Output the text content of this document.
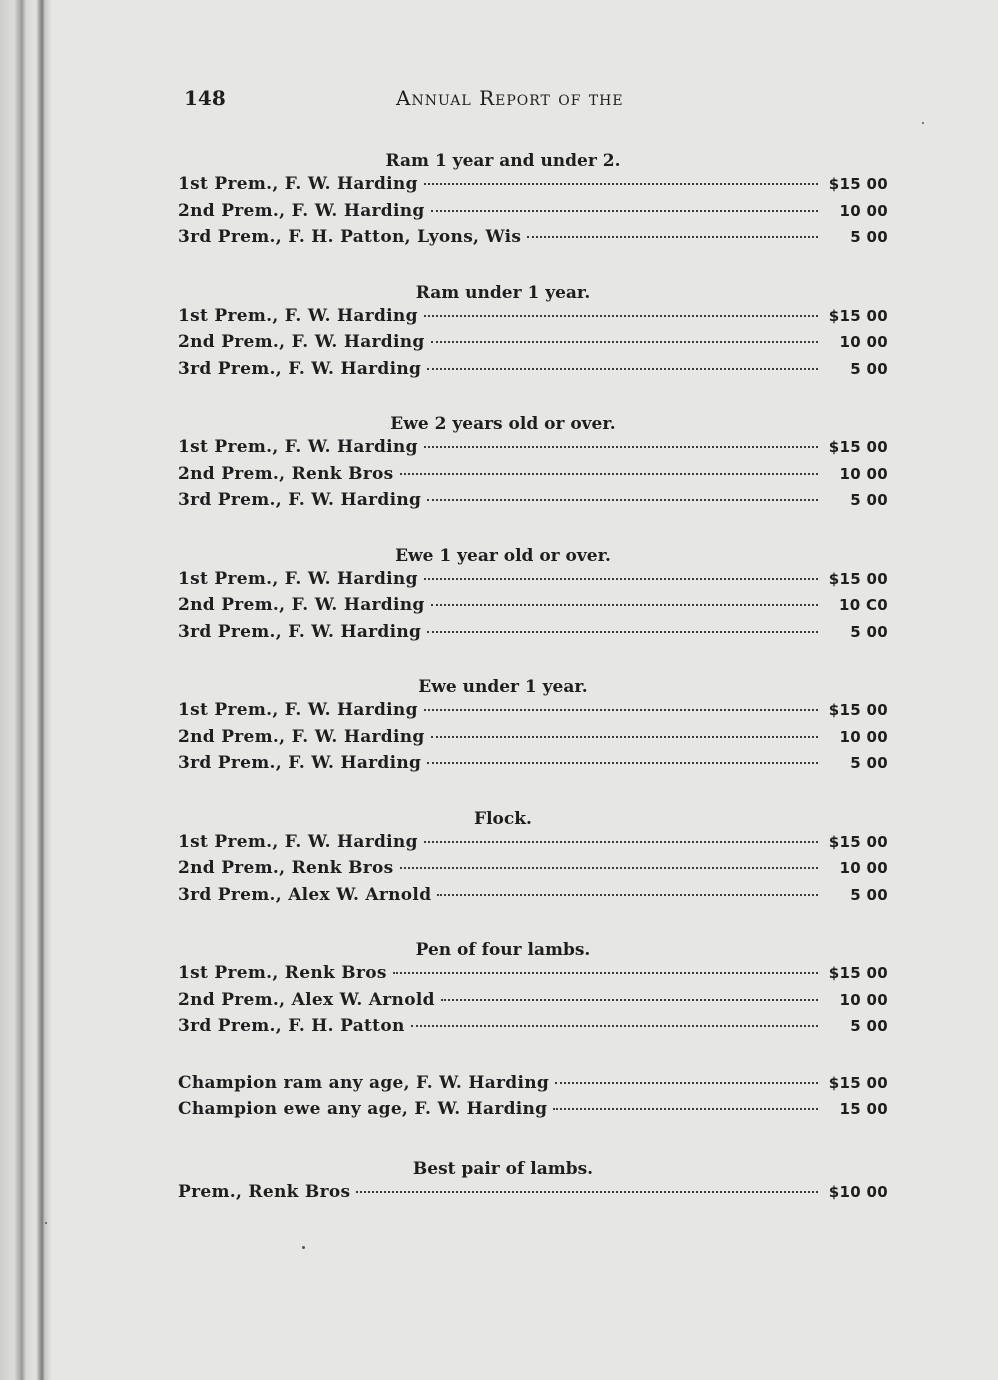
148	Annual Report of the
Ram 1 year and under 2.
1st Prem., F. W. Harding	$15 00
2nd Prem., F. W. Harding	10 00
3rd Prem., F. H. Patton, Lyons, Wis	5 00
Ram under 1 year.
1st Prem., F. W. Harding	$15 00
2nd Prem., F. W. Harding	10 00
3rd Prem., F. W. Harding	5 00
Ewe 2 years old or over.
1st Prem., F. W. Harding	$15 00
2nd Prem., Renk Bros	10 00
3rd Prem., F. W. Harding	5 00
Ewe 1 year old or over.
1st Prem., F. W. Harding	$15 00
2nd Prem., F. W. Harding	10 C0
3rd Prem., F. W. Harding	5 00
Ewe under 1 year.
1st Prem., F. W. Harding	$15 00
2nd Prem., F. W. Harding	10 00
3rd Prem., F. W. Harding	5 00
Flock.
1st Prem., F. W. Harding	$15 00
2nd Prem., Renk Bros	10 00
3rd Prem., Alex W. Arnold	5 00
Pen of four lambs.
1st Prem., Renk Bros	$15 00
2nd Prem., Alex W. Arnold	10 00
3rd Prem., F. H. Patton	5 00
Champion ram any age, F. W. Harding	$15 00
Champion ewe any age, F. W. Harding	15 00
Best pair of lambs.
Prem., Renk Bros	$10 00
